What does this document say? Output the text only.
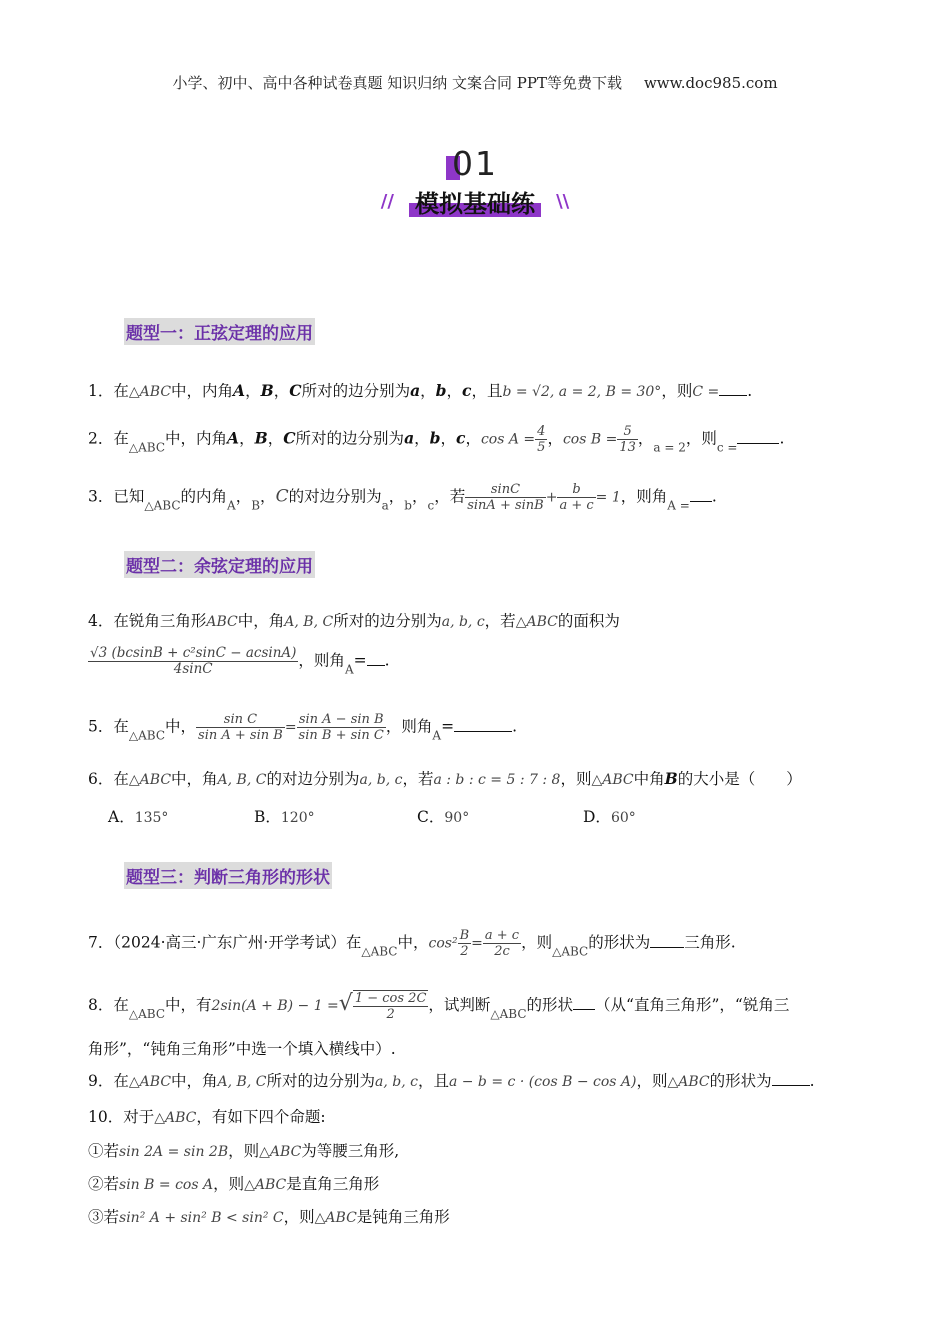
小学、初中、高中各种试卷真题 知识归纳 文案合同 PPT等免费下载 www.doc985.com
01
// 模拟基础练 \\
题型一：正弦定理的应用
1．在△ABC中，内角A，B，C所对的边分别为a，b，c，且b = √2, a = 2, B = 30°，则C = .
2．在$_{\triangle ABC}$中，内角A，B，C所对的边分别为a，b，c，$\cos A = \frac{4}{5}$ ，$\cos B = \frac{5}{13}$ ，$_{a = 2}$，则$_{c =}$	.
3．已知$_{\triangle ABC}$的内角$_A$，$_B$，C的对边分别为$_a$，$_b$，$_c$，若 $\frac{\sin C}{\sin A + \sin B} + \frac{b}{a + c} = 1$，则角$_{A =}$ .
题型二：余弦定理的应用
4．在锐角三角形ABC中，角A, B, C所对的边分别为a, b, c，若△ABC的面积为
$\frac{\text{√3 (bcsinB + c²sinC − acsinA)}}{4\sin C}$ ，则角$_A$= .
5．在$_{\triangle ABC}$中， $\frac{\text{sin C}}{\text{sin A + sin B}} = \frac{\text{sin A − sin B}}{\text{sin B + sin C}}$ ，则角$_A$=	.
6．在△ABC中，角A, B, C的对边分别为a, b, c，若a : b : c = 5 : 7 : 8，则△ABC中角B的大小是（　　）
A．135°	B．120°	C．90°	D．60°
题型三：判断三角形的形状
7．（2024·高三·广东广州·开学考试）在$_{\triangle ABC}$中，$\cos^2 \frac{B}{2} = \frac{a + c}{2c}$ ，则$_{\triangle ABC}$的形状为 三角形.
8．在$_{\triangle ABC}$中，有2sin(A + B) − 1 =√ $\frac{1 - \cos 2C}{2}$ ，试判断$_{\triangle ABC}$的形状 （从“直角三角形”，“锐角三
角形”，“钝角三角形”中选一个填入横线中）.
9．在△ABC中，角A, B, C所对的边分别为a, b, c，且a − b = c · (cos B − cos A)，则△ABC的形状为 .
10．对于△ABC，有如下四个命题:
①若sin 2A = sin 2B，则△ABC为等腰三角形,
②若sin B = cos A，则△ABC是直角三角形
③若sin² A + sin² B < sin² C，则△ABC是钝角三角形
